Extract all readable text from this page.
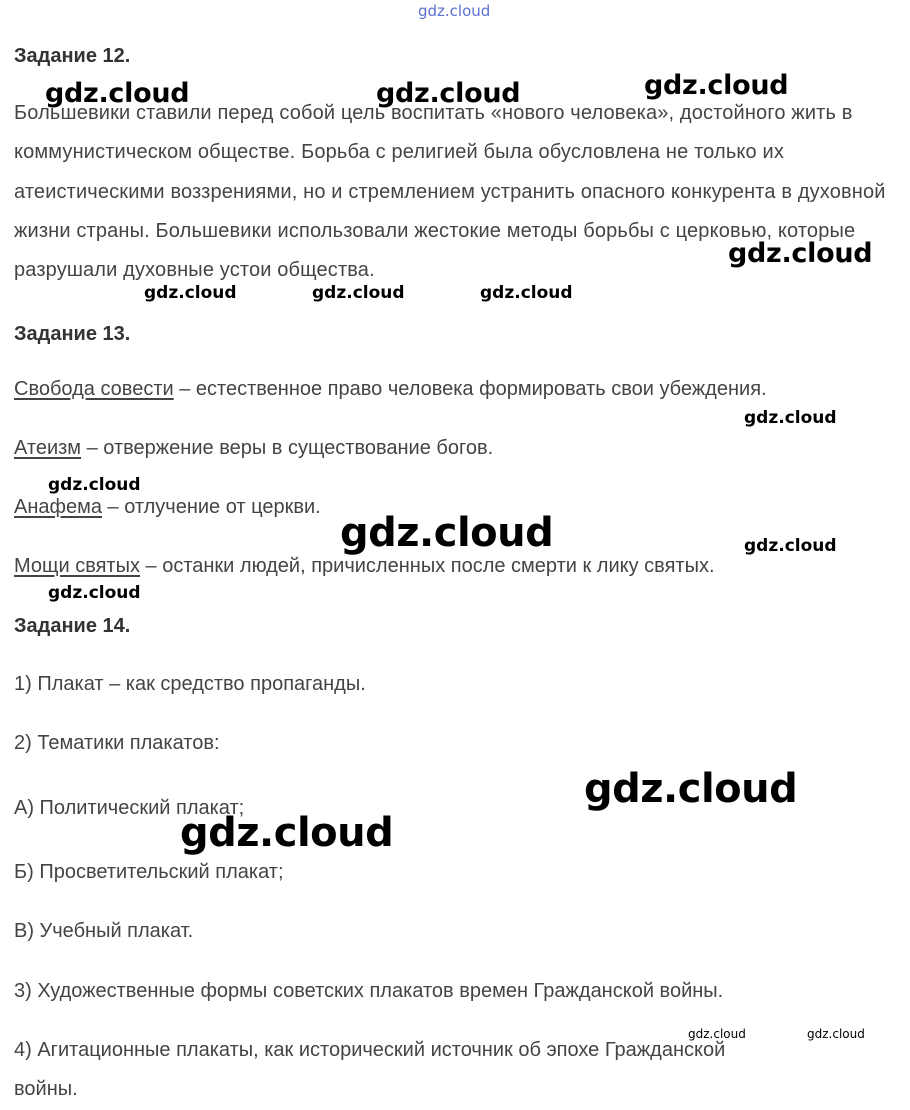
gdz.cloud
Задание 12.
Большевики ставили перед собой цель воспитать «нового человека», достойного жить в коммунистическом обществе. Борьба с религией была обусловлена не только их атеистическими воззрениями, но и стремлением устранить опасного конкурента в духовной жизни страны. Большевики использовали жестокие методы борьбы с церковью, которые разрушали духовные устои общества.
Задание 13.
Свобода совести – естественное право человека формировать свои убеждения.
Атеизм – отвержение веры в существование богов.
Анафема – отлучение от церкви.
Мощи святых – останки людей, причисленных после смерти к лику святых.
Задание 14.
1) Плакат – как средство пропаганды.
2) Тематики плакатов:
А) Политический плакат;
Б) Просветительский плакат;
В) Учебный плакат.
3) Художественные формы советских плакатов времен Гражданской войны.
4) Агитационные плакаты, как исторический источник об эпохе Гражданской
войны.
gdz.cloud	gdz.cloud	gdz.cloud
gdz.cloud
gdz.cloud	gdz.cloud	gdz.cloud
gdz.cloud
gdz.cloud
gdz.cloud	gdz.cloud
gdz.cloud
gdz.cloud
gdz.cloud
gdz.cloud	gdz.cloud
